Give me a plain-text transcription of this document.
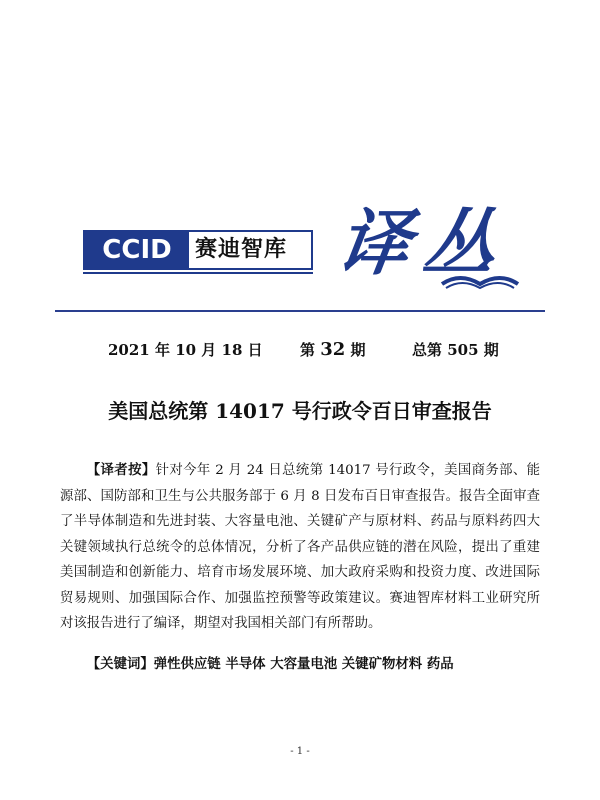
CCID	赛迪智库 译丛
2021 年 10 月 18 日 第 32 期	总第 505 期
美国总统第 14017 号行政令百日审查报告

【译者按】针对今年 2 月 24 日总统第 14017 号行政令，美国商务部、能源部、国防部和卫生与公共服务部于 6 月 8 日发布百日审查报告。报告全面审查了半导体制造和先进封装、大容量电池、关键矿产与原材料、药品与原料药四大关键领域执行总统令的总体情况，分析了各产品供应链的潜在风险，提出了重建美国制造和创新能力、培育市场发展环境、加大政府采购和投资力度、改进国际贸易规则、加强国际合作、加强监控预警等政策建议。赛迪智库材料工业研究所对该报告进行了编译，期望对我国相关部门有所帮助。

【关键词】弹性供应链 半导体 大容量电池 关键矿物材料 药品

- 1 -
